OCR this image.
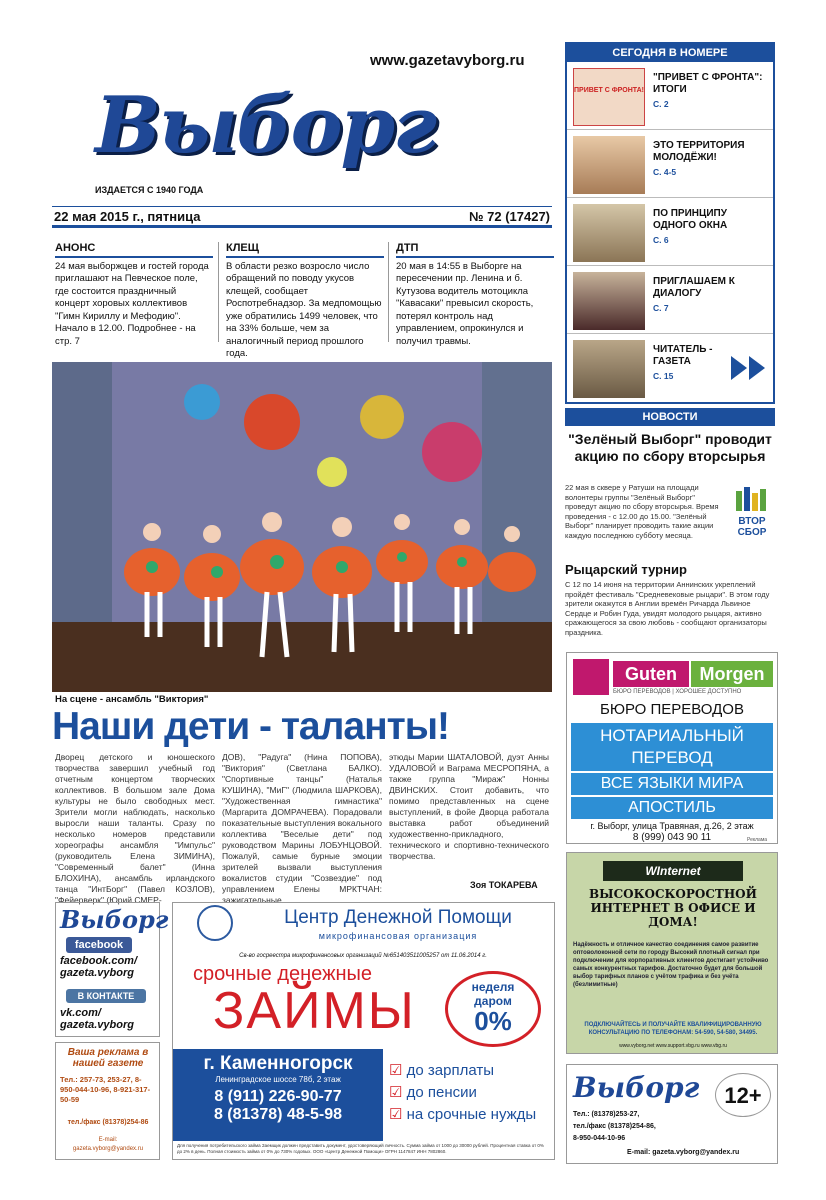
www.gazetavyborg.ru
Выборг
ИЗДАЕТСЯ С 1940 ГОДА
22 мая 2015 г., пятница	№ 72 (17427)
АНОНС

24 мая выборжцев и гостей города приглашают на Певческое поле, где состоится праздничный концерт хоровых коллективов "Гимн Кириллу и Мефодию". Начало в 12.00. Подробнее - на стр. 7

КЛЕЩ

В области резко возросло число обращений по поводу укусов клещей, сообщает Роспотребнадзор. За медпомощью уже обратились 1499 человек, что на 33% больше, чем за аналогичный период прошлого года.

ДТП

20 мая в 14:55 в Выборге на пересечении пр. Ленина и б. Кутузова водитель мотоцикла "Кавасаки" превысил скорость, потерял контроль над управлением, опрокинулся и получил травмы.

На сцене - ансамбль "Виктория"
Наши дети - таланты!
Дворец детского и юношеского творчества завершил учебный год отчетным концертом творческих коллективов. В большом зале Дома культуры не было свободных мест. Зрители могли наблюдать, насколько выросли наши таланты. Сразу по несколько номеров представили хореографы ансамбля "Импульс" (руководитель Елена ЗИМИНА), "Современный балет" (Инна БЛОХИНА), ансамбль ирландского танца "ИнтБорг" (Павел КОЗЛОВ), "Фейерверк" (Юрий СМЕР-
ДОВ), "Радуга" (Нина ПОПОВА), "Виктория" (Светлана БАЛКО). "Спортивные танцы" (Наталья КУШИНА), "МиГ" (Людмила ШАРКОВА), "Художественная гимнастика" (Маргарита ДОМРАЧЕВА). Порадовали показательные выступления вокального коллектива "Веселые дети" под руководством Марины ЛОБУНЦОВОЙ. Пожалуй, самые бурные эмоции зрителей вызвали выступления вокалистов студии "Созвездие" под управлением Елены МРКТЧАН: зажигательные
этюды Марии ШАТАЛОВОЙ, дуэт Анны УДАЛОВОЙ и Ваграма МЕСРОПЯНА, а также группа "Мираж" Нонны ДВИНСКИХ. Стоит добавить, что помимо представленных на сцене выступлений, в фойе Дворца работала выставка работ объединений художественно-прикладного, технического и спортивно-технического творчества.
Зоя ТОКАРЕВА
СЕГОДНЯ В НОМЕРЕ
ПРИВЕТ С ФРОНТА!
"ПРИВЕТ С ФРОНТА": ИТОГИ
С. 2
ЭТО ТЕРРИТОРИЯ МОЛОДЁЖИ!
С. 4-5
ПО ПРИНЦИПУ ОДНОГО ОКНА
С. 6
ПРИГЛАШАЕМ К ДИАЛОГУ
С. 7
ЧИТАТЕЛЬ - ГАЗЕТА
С. 15
НОВОСТИ
"Зелёный Выборг" проводит акцию по сбору вторсырья
22 мая в сквере у Ратуши на площади волонтеры группы "Зелёный Выборг" проведут акцию по сбору вторсырья. Время проведения - с 12.00 до 15.00. "Зелёный Выборг" планирует проводить такие акции каждую последнюю субботу месяца.
ВТОР СБОР
Рыцарский турнир
С 12 по 14 июня на территории Аннинских укреплений пройдёт фестиваль "Средневековые рыцари". В этом году зрители окажутся в Англии времён Ричарда Львиное Сердце и Робин Гуда, увидят молодого рыцаря, активно сражающегося за свою любовь - сообщают организаторы праздника.
Guten	Morgen
БЮРО ПЕРЕВОДОВ | ХОРОШЕЕ ДОСТУПНО
БЮРО ПЕРЕВОДОВ
НОТАРИАЛЬНЫЙ ПЕРЕВОД
ВСЕ ЯЗЫКИ МИРА
АПОСТИЛЬ
г. Выборг, улица Травяная, д.26, 2 этаж
8 (999) 043 90 11	Реклама
WInternet
ВЫСОКОСКОРОСТНОЙ ИНТЕРНЕТ В ОФИСЕ И ДОМА!
Надёжность и отличное качество соединения самое развитие оптоволоконной сети по городу Высокий плотный сигнал при подключении для корпоративных клиентов достигает устойчиво самых конкурентных тарифов. Достаточно будет для большой выбор тарифных планов с учётом трафика и без учёта (безлимитные)
ПОДКЛЮЧАЙТЕСЬ И ПОЛУЧАЙТЕ КВАЛИФИЦИРОВАННУЮ КОНСУЛЬТАЦИЮ ПО ТЕЛЕФОНАМ: 54-590, 54-580, 34495.
www.vyborg.net www.support.vbg.ru www.vbg.ru
Выборг	12+
Тел.: (81378)253-27,
тел./факс (81378)254-86,
8-950-044-10-96
E-mail: gazeta.vyborg@yandex.ru
Выборг
facebook
facebook.com/ gazeta.vyborg
В КОНТАКТЕ
vk.com/ gazeta.vyborg
Ваша реклама в нашей газете
Тел.: 257-73, 253-27, 8-950-044-10-96, 8-921-317-50-59
тел./факс (81378)254-86
E-mail:
gazeta.vyborg@yandex.ru
Центр Денежной Помощи
микрофинансовая организация
Св-во госреестра микрофинансовых организаций №651403511005257 от 11.06.2014 г.
срочные денежные
ЗАЙМЫ	неделя
даром
0%
г. Каменногорск
Ленинградское шоссе 78б, 2 этаж
8 (911) 226-90-77
8 (81378) 48-5-98
☑ до зарплаты
☑ до пенсии
☑ на срочные нужды
Для получения потребительского займа Заемщик должен представить документ, удостоверяющий личность. Сумма займа от 1000 до 30000 рублей. Процентная ставка от 0% до 2% в день. Полная стоимость займа от 0% до 730% годовых. ООО «Центр Денежной Помощи» ОГРН 1147847 ИНН 7802860.
